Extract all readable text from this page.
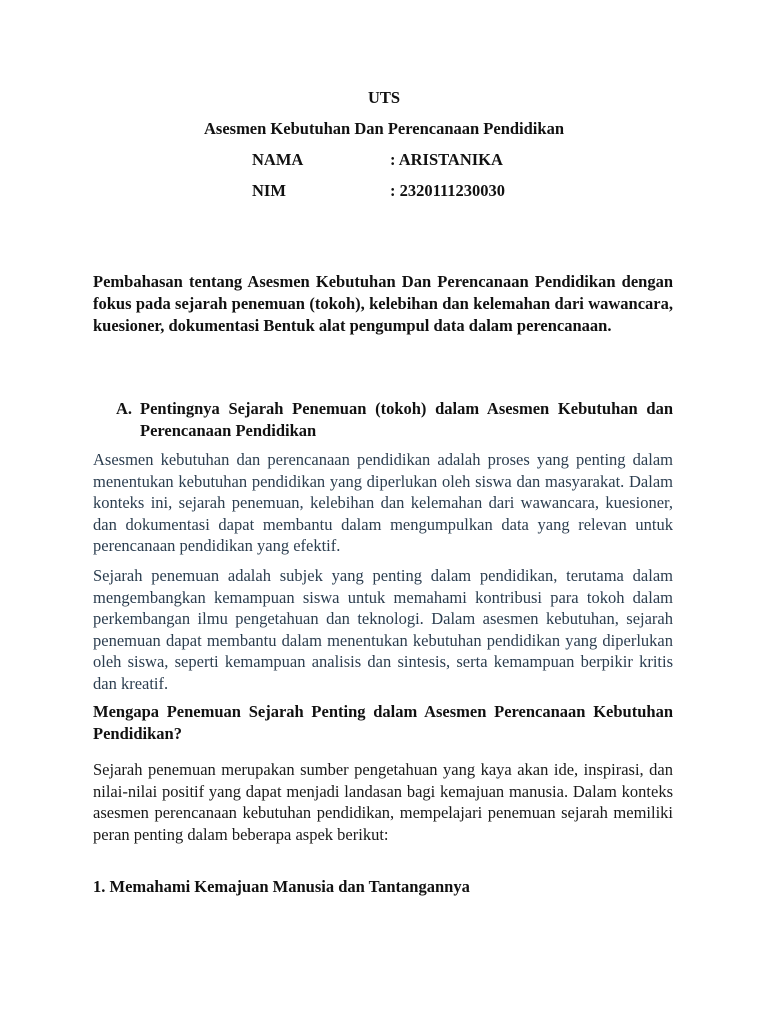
UTS
Asesmen Kebutuhan Dan Perencanaan Pendidikan
NAMA	: ARISTANIKA
NIM	: 2320111230030

Pembahasan tentang Asesmen Kebutuhan Dan Perencanaan Pendidikan dengan fokus pada sejarah penemuan (tokoh), kelebihan dan kelemahan dari wawancara, kuesioner, dokumentasi Bentuk alat pengumpul data dalam perencanaan.

A. Pentingnya Sejarah Penemuan (tokoh) dalam Asesmen Kebutuhan dan Perencanaan Pendidikan

Asesmen kebutuhan dan perencanaan pendidikan adalah proses yang penting dalam menentukan kebutuhan pendidikan yang diperlukan oleh siswa dan masyarakat. Dalam konteks ini, sejarah penemuan, kelebihan dan kelemahan dari wawancara, kuesioner, dan dokumentasi dapat membantu dalam mengumpulkan data yang relevan untuk perencanaan pendidikan yang efektif.

Sejarah penemuan adalah subjek yang penting dalam pendidikan, terutama dalam mengembangkan kemampuan siswa untuk memahami kontribusi para tokoh dalam perkembangan ilmu pengetahuan dan teknologi. Dalam asesmen kebutuhan, sejarah penemuan dapat membantu dalam menentukan kebutuhan pendidikan yang diperlukan oleh siswa, seperti kemampuan analisis dan sintesis, serta kemampuan berpikir kritis dan kreatif.

Mengapa Penemuan Sejarah Penting dalam Asesmen Perencanaan Kebutuhan Pendidikan?

Sejarah penemuan merupakan sumber pengetahuan yang kaya akan ide, inspirasi, dan nilai-nilai positif yang dapat menjadi landasan bagi kemajuan manusia. Dalam konteks asesmen perencanaan kebutuhan pendidikan, mempelajari penemuan sejarah memiliki peran penting dalam beberapa aspek berikut:

1. Memahami Kemajuan Manusia dan Tantangannya
